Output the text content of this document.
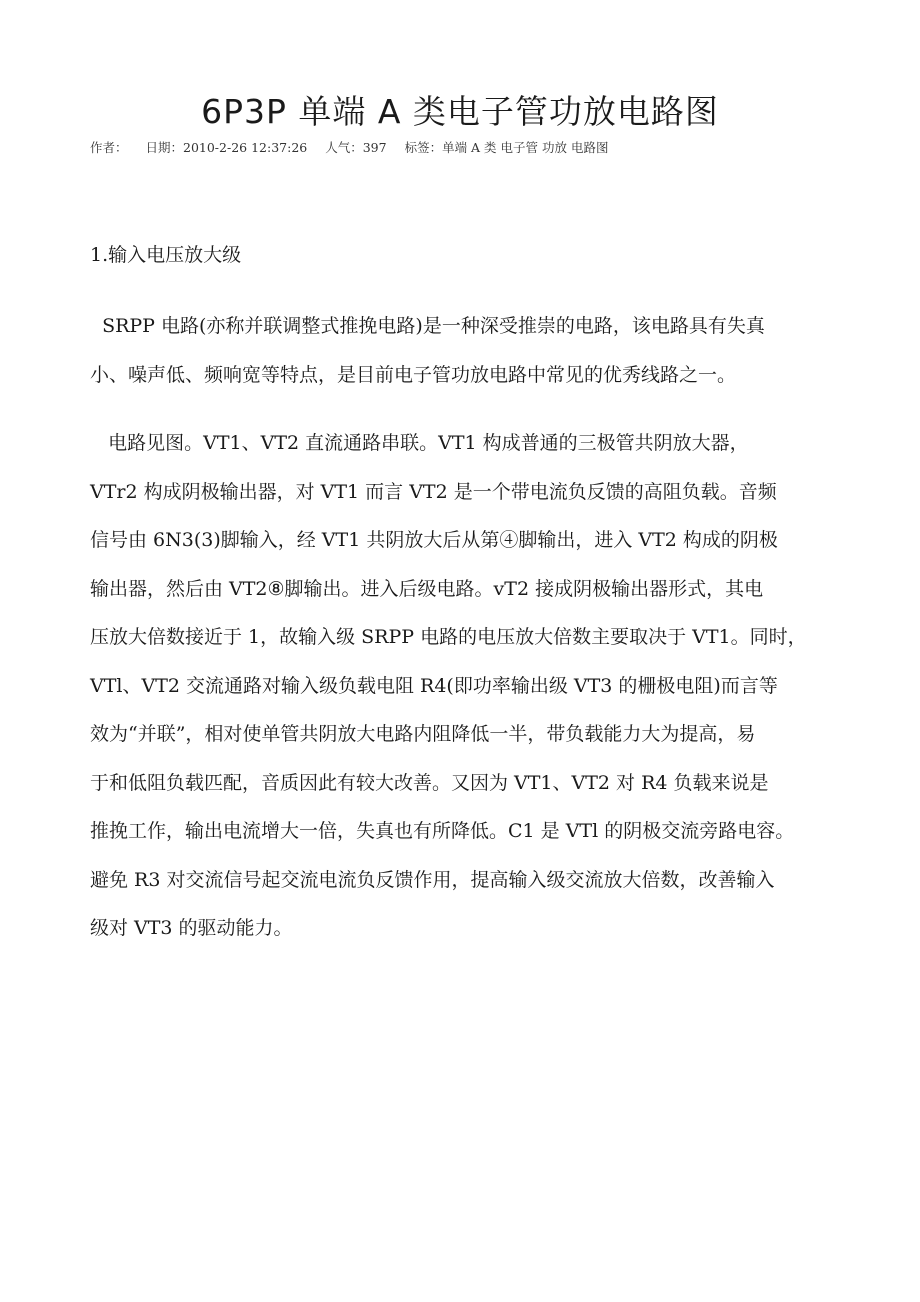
6P3P 单端 A 类电子管功放电路图
作者： 日期：2010-2-26 12:37:26 人气：397 标签：单端 A 类 电子管 功放 电路图
1.输入电压放大级
SRPP 电路(亦称并联调整式推挽电路)是一种深受推崇的电路，该电路具有失真
小、噪声低、频响宽等特点，是目前电子管功放电路中常见的优秀线路之一。
电路见图。VT1、VT2 直流通路串联。VT1 构成普通的三极管共阴放大器，
VTr2 构成阴极输出器，对 VT1 而言 VT2 是一个带电流负反馈的高阻负载。音频
信号由 6N3(3)脚输入，经 VT1 共阴放大后从第④脚输出，进入 VT2 构成的阴极
输出器，然后由 VT2⑧脚输出。进入后级电路。vT2 接成阴极输出器形式，其电
压放大倍数接近于 1，故输入级 SRPP 电路的电压放大倍数主要取决于 VT1。同时，
VTl、VT2 交流通路对输入级负载电阻 R4(即功率输出级 VT3 的栅极电阻)而言等
效为“并联”，相对使单管共阴放大电路内阻降低一半，带负载能力大为提高，易
于和低阻负载匹配，音质因此有较大改善。又因为 VT1、VT2 对 R4 负载来说是
推挽工作，输出电流增大一倍，失真也有所降低。C1 是 VTl 的阴极交流旁路电容。
避免 R3 对交流信号起交流电流负反馈作用，提高输入级交流放大倍数，改善输入
级对 VT3 的驱动能力。
